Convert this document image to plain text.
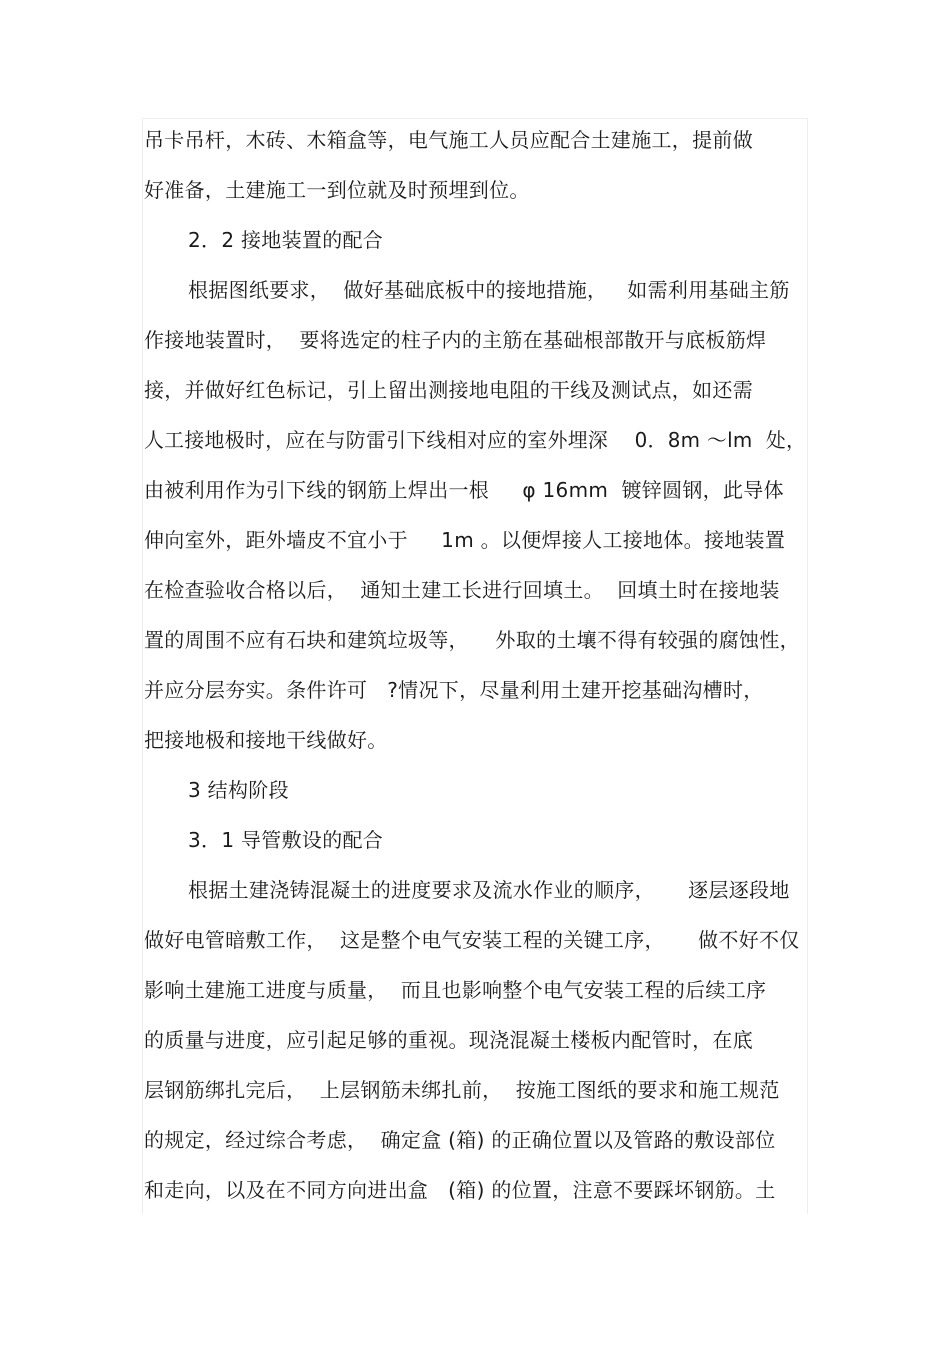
吊卡吊杆，木砖、木箱盒等，电气施工人员应配合土建施工，提前做
好准备，土建施工一到位就及时预埋到位。
2．2 接地装置的配合
根据图纸要求，  做好基础底板中的接地措施，   如需利用基础主筋
作接地装置时，  要将选定的柱子内的主筋在基础根部散开与底板筋焊
接，并做好红色标记，引上留出测接地电阻的干线及测试点，如还需
人工接地极时，应在与防雷引下线相对应的室外埋深    0．8m ～lm  处，
由被利用作为引下线的钢筋上焊出一根     φ 16mm  镀锌圆钢，此导体
伸向室外，距外墙皮不宜小于     1m 。以便焊接人工接地体。接地装置
在检查验收合格以后，  通知土建工长进行回填土。  回填土时在接地装
置的周围不应有石块和建筑垃圾等，    外取的土壤不得有较强的腐蚀性，
并应分层夯实。条件许可   ?情况下，尽量利用土建开挖基础沟槽时，
把接地极和接地干线做好。
3 结构阶段
3．1 导管敷设的配合
根据土建浇铸混凝土的进度要求及流水作业的顺序，     逐层逐段地
做好电管暗敷工作，  这是整个电气安装工程的关键工序，     做不好不仅
影响土建施工进度与质量，  而且也影响整个电气安装工程的后续工序
的质量与进度，应引起足够的重视。现浇混凝土楼板内配管时，在底
层钢筋绑扎完后，  上层钢筋未绑扎前，  按施工图纸的要求和施工规范
的规定，经过综合考虑，  确定盒 (箱) 的正确位置以及管路的敷设部位
和走向，以及在不同方向进出盒   (箱) 的位置，注意不要踩坏钢筋。土
